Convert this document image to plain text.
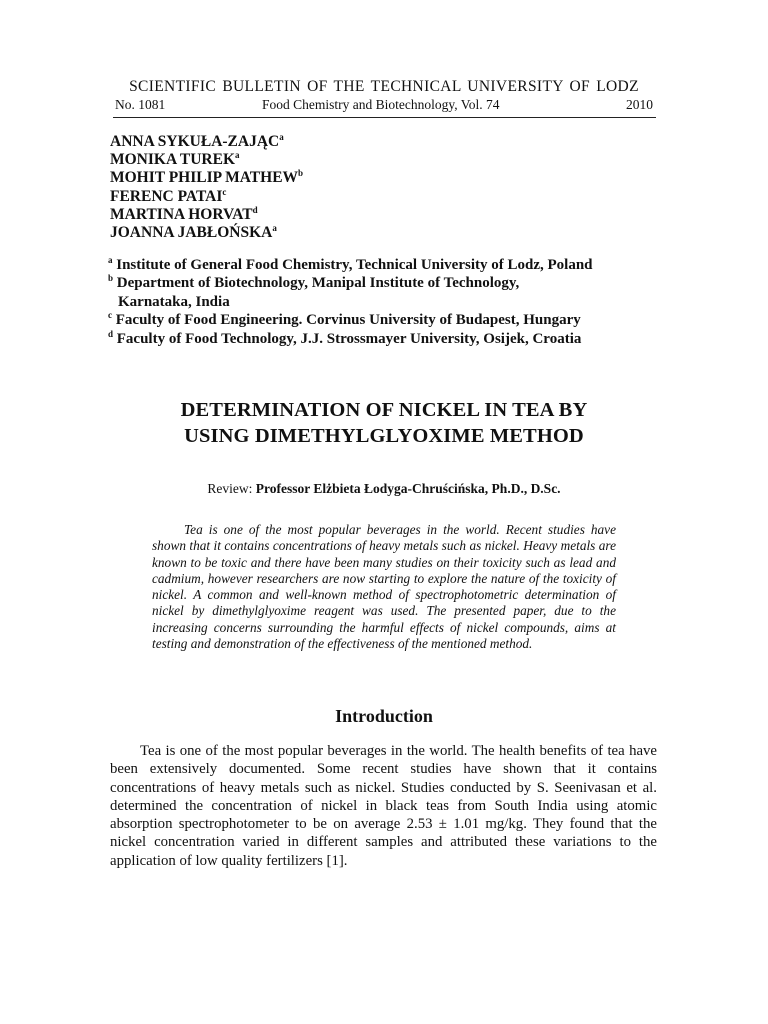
SCIENTIFIC BULLETIN OF THE TECHNICAL UNIVERSITY OF LODZ
No. 1081	Food Chemistry and Biotechnology, Vol. 74	2010
ANNA SYKUŁA-ZAJĄC$^a$
MONIKA TUREK$^a$
MOHIT PHILIP MATHEW$^b$
FERENC PATAI$^c$
MARTINA HORVAT$^d$
JOANNA JABŁOŃSKA$^a$
$^a$ Institute of General Food Chemistry, Technical University of Lodz, Poland
$^b$ Department of Biotechnology, Manipal Institute of Technology,
Karnataka, India
$^c$ Faculty of Food Engineering. Corvinus University of Budapest, Hungary
$^d$ Faculty of Food Technology, J.J. Strossmayer University, Osijek, Croatia
DETERMINATION OF NICKEL IN TEA BY
USING DIMETHYLGLYOXIME METHOD
Review: Professor Elżbieta Łodyga-Chruścińska, Ph.D., D.Sc.
Tea is one of the most popular beverages in the world. Recent studies have shown that it contains concentrations of heavy metals such as nickel. Heavy metals are known to be toxic and there have been many studies on their toxicity such as lead and cadmium, however researchers are now starting to explore the nature of the toxicity of nickel. A common and well-known method of spectrophotometric determination of nickel by dimethylglyoxime reagent was used. The presented paper, due to the increasing concerns surrounding the harmful effects of nickel compounds, aims at testing and demonstration of the effectiveness of the mentioned method.
Introduction
Tea is one of the most popular beverages in the world. The health benefits of tea have been extensively documented. Some recent studies have shown that it contains concentrations of heavy metals such as nickel. Studies conducted by S. Seenivasan et al. determined the concentration of nickel in black teas from South India using atomic absorption spectrophotometer to be on average 2.53 ± 1.01 mg/kg. They found that the nickel concentration varied in different samples and attributed these variations to the application of low quality fertilizers [1].
